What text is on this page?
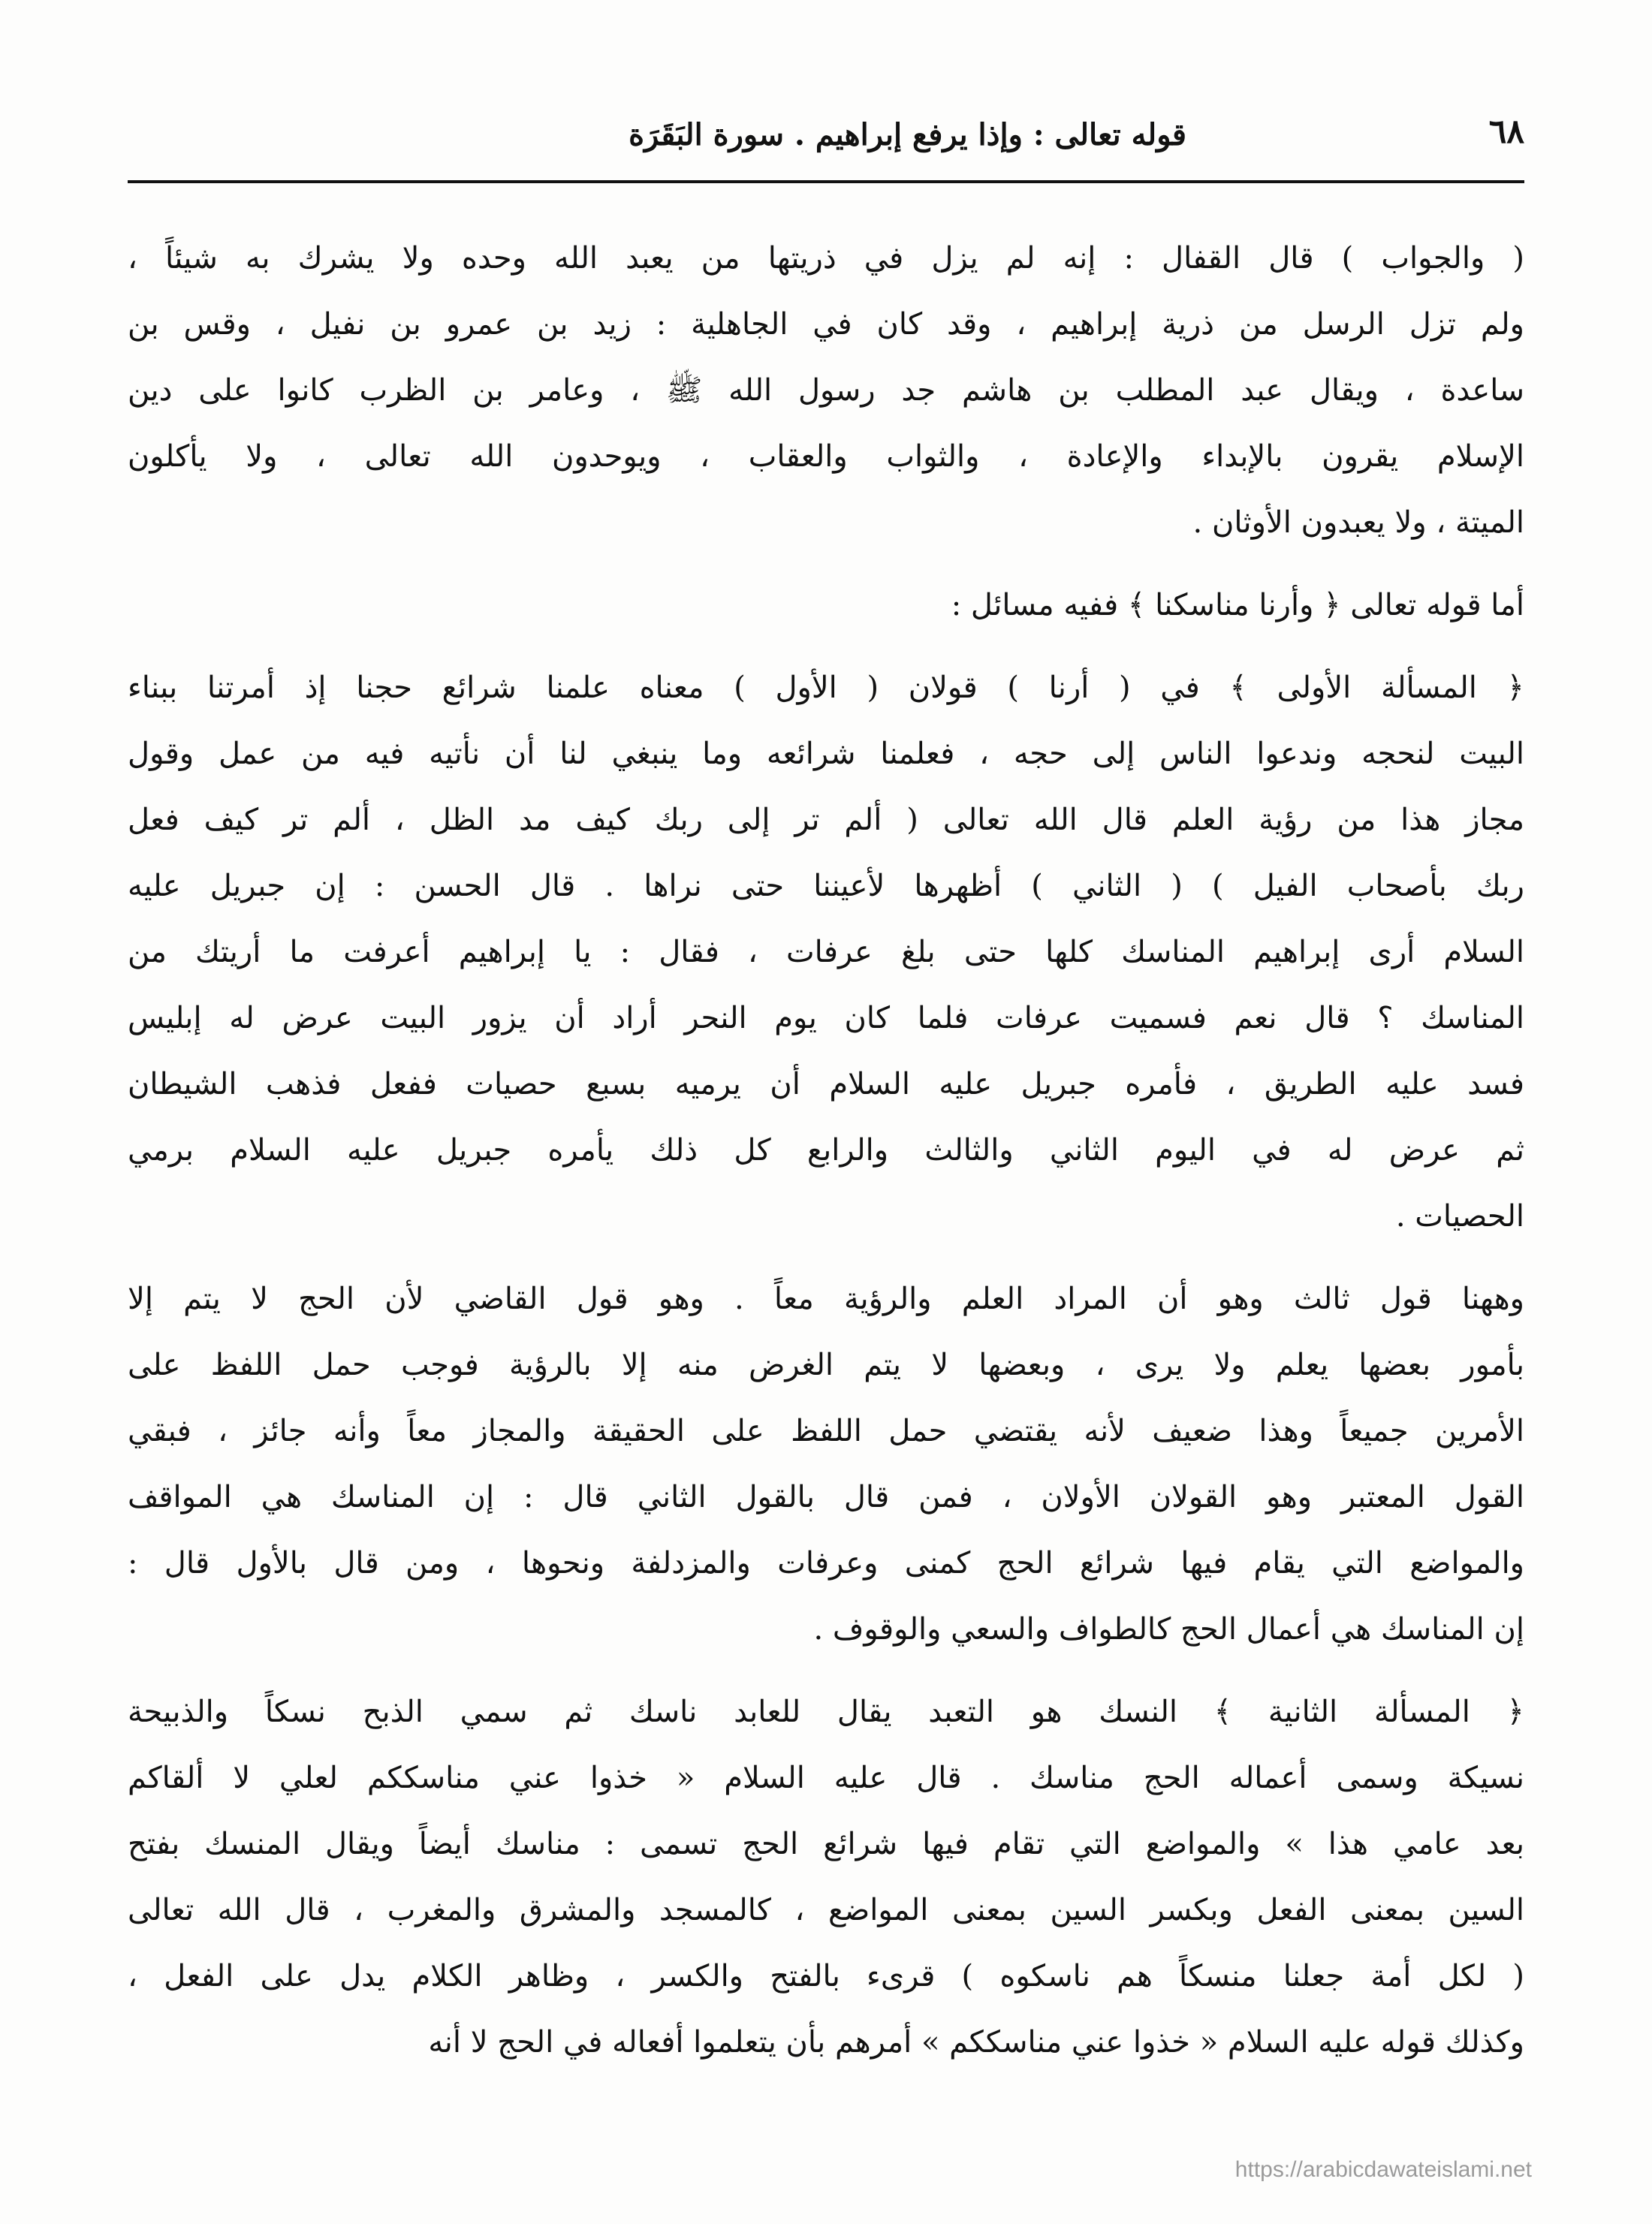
٦٨
قوله تعالى : وإذا يرفع إبراهيم . سورة البَقَرَة
( والجواب ) قال القفال : إنه لم يزل في ذريتها من يعبد الله وحده ولا يشرك به شيئاً ،
ولم تزل الرسل من ذرية إبراهيم ، وقد كان في الجاهلية : زيد بن عمرو بن نفيل ، وقس بن
ساعدة ، ويقال عبد المطلب بن هاشم جد رسول الله ﷺ ، وعامر بن الظرب كانوا على دين
الإسلام يقرون بالإبداء والإعادة ، والثواب والعقاب ، ويوحدون الله تعالى ، ولا يأكلون
الميتة ، ولا يعبدون الأوثان .
أما قوله تعالى ﴿ وأرنا مناسكنا ﴾ ففيه مسائل :
﴿ المسألة الأولى ﴾ في ( أرنا ) قولان ( الأول ) معناه علمنا شرائع حجنا إذ أمرتنا ببناء
البيت لنحجه وندعوا الناس إلى حجه ، فعلمنا شرائعه وما ينبغي لنا أن نأتيه فيه من عمل وقول
مجاز هذا من رؤية العلم قال الله تعالى ( ألم تر إلى ربك كيف مد الظل ، ألم تر كيف فعل
ربك بأصحاب الفيل ) ( الثاني ) أظهرها لأعيننا حتى نراها . قال الحسن : إن جبريل عليه
السلام أرى إبراهيم المناسك كلها حتى بلغ عرفات ، فقال : يا إبراهيم أعرفت ما أريتك من
المناسك ؟ قال نعم فسميت عرفات فلما كان يوم النحر أراد أن يزور البيت عرض له إبليس
فسد عليه الطريق ، فأمره جبريل عليه السلام أن يرميه بسبع حصيات ففعل فذهب الشيطان
ثم عرض له في اليوم الثاني والثالث والرابع كل ذلك يأمره جبريل عليه السلام برمي
الحصيات .
وههنا قول ثالث وهو أن المراد العلم والرؤية معاً . وهو قول القاضي لأن الحج لا يتم إلا
بأمور بعضها يعلم ولا يرى ، وبعضها لا يتم الغرض منه إلا بالرؤية فوجب حمل اللفظ على
الأمرين جميعاً وهذا ضعيف لأنه يقتضي حمل اللفظ على الحقيقة والمجاز معاً وأنه جائز ، فبقي
القول المعتبر وهو القولان الأولان ، فمن قال بالقول الثاني قال : إن المناسك هي المواقف
والمواضع التي يقام فيها شرائع الحج كمنى وعرفات والمزدلفة ونحوها ، ومن قال بالأول قال :
إن المناسك هي أعمال الحج كالطواف والسعي والوقوف .
﴿ المسألة الثانية ﴾ النسك هو التعبد يقال للعابد ناسك ثم سمي الذبح نسكاً والذبيحة
نسيكة وسمى أعماله الحج مناسك . قال عليه السلام « خذوا عني مناسككم لعلي لا ألقاكم
بعد عامي هذا » والمواضع التي تقام فيها شرائع الحج تسمى : مناسك أيضاً ويقال المنسك بفتح
السين بمعنى الفعل وبكسر السين بمعنى المواضع ، كالمسجد والمشرق والمغرب ، قال الله تعالى
( لكل أمة جعلنا منسكاً هم ناسكوه ) قرىء بالفتح والكسر ، وظاهر الكلام يدل على الفعل ،
وكذلك قوله عليه السلام « خذوا عني مناسككم » أمرهم بأن يتعلموا أفعاله في الحج لا أنه
https://arabicdawateislami.net
